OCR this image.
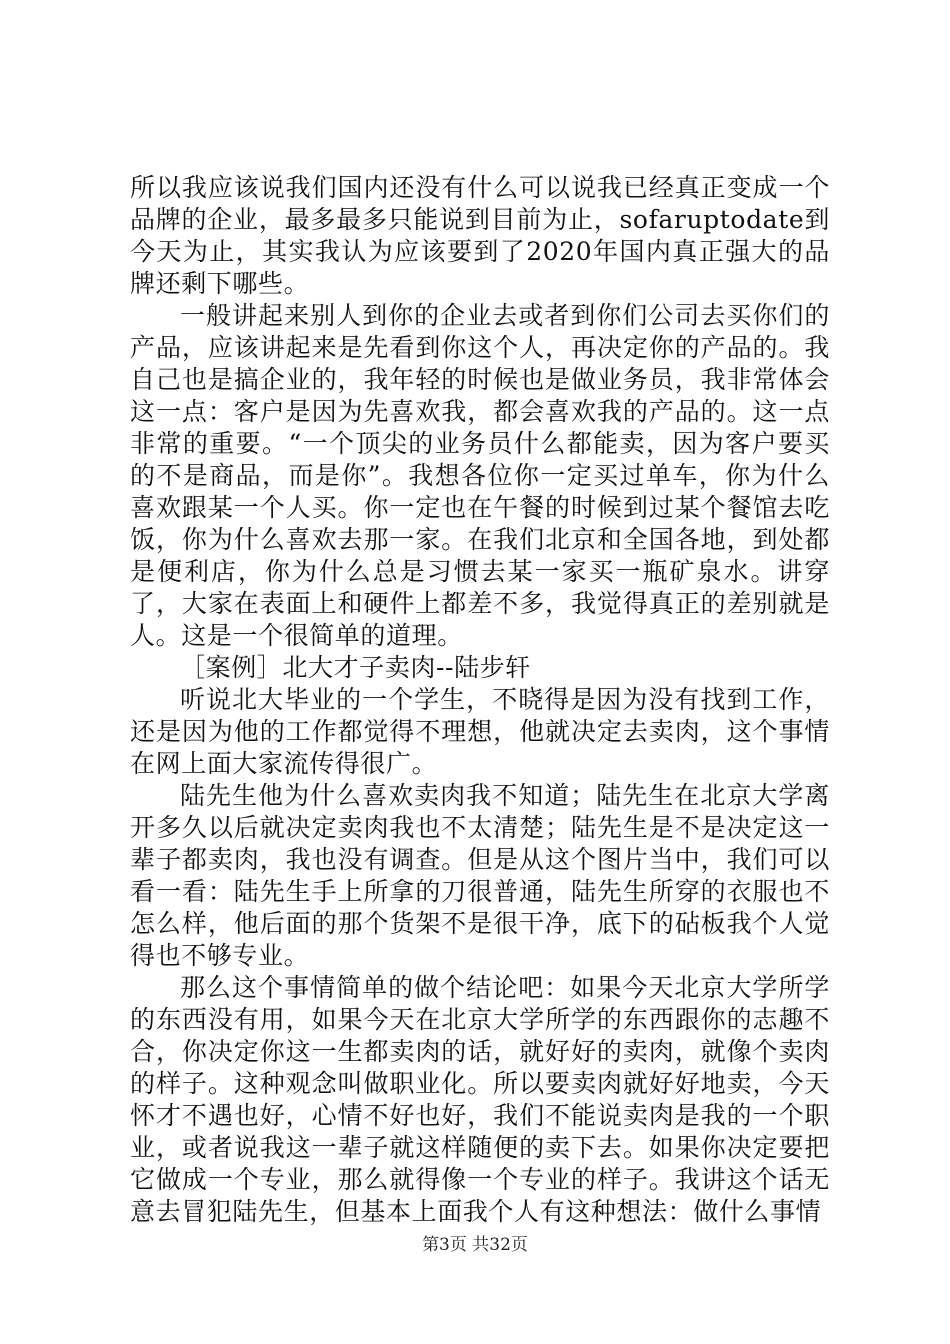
所以我应该说我们国内还没有什么可以说我已经真正变成一个品牌的企业，最多最多只能说到目前为止，sofaruptodate到今天为止，其实我认为应该要到了2020年国内真正强大的品牌还剩下哪些。

一般讲起来别人到你的企业去或者到你们公司去买你们的产品，应该讲起来是先看到你这个人，再决定你的产品的。我自己也是搞企业的，我年轻的时候也是做业务员，我非常体会这一点：客户是因为先喜欢我，都会喜欢我的产品的。这一点非常的重要。“一个顶尖的业务员什么都能卖，因为客户要买的不是商品，而是你”。我想各位你一定买过单车，你为什么喜欢跟某一个人买。你一定也在午餐的时候到过某个餐馆去吃饭，你为什么喜欢去那一家。在我们北京和全国各地，到处都是便利店，你为什么总是习惯去某一家买一瓶矿泉水。讲穿了，大家在表面上和硬件上都差不多，我觉得真正的差别就是人。这是一个很简单的道理。

［案例］北大才子卖肉--陆步轩

听说北大毕业的一个学生，不晓得是因为没有找到工作，还是因为他的工作都觉得不理想，他就决定去卖肉，这个事情在网上面大家流传得很广。

陆先生他为什么喜欢卖肉我不知道；陆先生在北京大学离开多久以后就决定卖肉我也不太清楚；陆先生是不是决定这一辈子都卖肉，我也没有调查。但是从这个图片当中，我们可以看一看：陆先生手上所拿的刀很普通，陆先生所穿的衣服也不怎么样，他后面的那个货架不是很干净，底下的砧板我个人觉得也不够专业。

那么这个事情简单的做个结论吧：如果今天北京大学所学的东西没有用，如果今天在北京大学所学的东西跟你的志趣不合，你决定你这一生都卖肉的话，就好好的卖肉，就像个卖肉的样子。这种观念叫做职业化。所以要卖肉就好好地卖，今天怀才不遇也好，心情不好也好，我们不能说卖肉是我的一个职业，或者说我这一辈子就这样随便的卖下去。如果你决定要把它做成一个专业，那么就得像一个专业的样子。我讲这个话无意去冒犯陆先生，但基本上面我个人有这种想法：做什么事情

第3页 共32页
